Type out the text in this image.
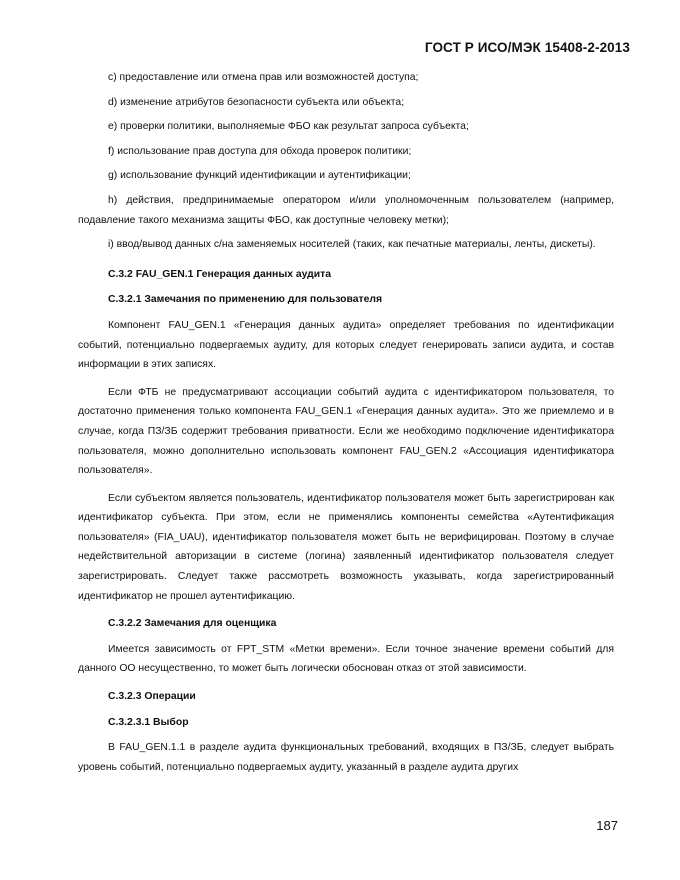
ГОСТ Р ИСО/МЭК 15408-2-2013

c) предоставление или отмена прав или возможностей доступа;

d) изменение атрибутов безопасности субъекта или объекта;

e) проверки политики, выполняемые ФБО как результат запроса субъекта;

f) использование прав доступа для обхода проверок политики;

g) использование функций идентификации и аутентификации;

h) действия, предпринимаемые оператором и/или уполномоченным пользователем (например, подавление такого механизма защиты ФБО, как доступные человеку метки);

i) ввод/вывод данных с/на заменяемых носителей (таких, как печатные материалы, ленты, дискеты).

C.3.2 FAU_GEN.1 Генерация данных аудита

C.3.2.1 Замечания по применению для пользователя

Компонент FAU_GEN.1 «Генерация данных аудита» определяет требования по идентификации событий, потенциально подвергаемых аудиту, для которых следует генерировать записи аудита, и состав информации в этих записях.

Если ФТБ не предусматривают ассоциации событий аудита с идентификатором пользователя, то достаточно применения только компонента FAU_GEN.1 «Генерация данных аудита». Это же приемлемо и в случае, когда ПЗ/ЗБ содержит требования приватности. Если же необходимо подключение идентификатора пользователя, можно дополнительно использовать компонент FAU_GEN.2 «Ассоциация идентификатора пользователя».

Если субъектом является пользователь, идентификатор пользователя может быть зарегистрирован как идентификатор субъекта. При этом, если не применялись компоненты семейства «Аутентификация пользователя» (FIA_UAU), идентификатор пользователя может быть не верифицирован. Поэтому в случае недействительной авторизации в системе (логина) заявленный идентификатор пользователя следует зарегистрировать. Следует также рассмотреть возможность указывать, когда зарегистрированный идентификатор не прошел аутентификацию.

C.3.2.2 Замечания для оценщика

Имеется зависимость от FPT_STM «Метки времени». Если точное значение времени событий для данного ОО несущественно, то может быть логически обоснован отказ от этой зависимости.

C.3.2.3 Операции

C.3.2.3.1 Выбор

В FAU_GEN.1.1 в разделе аудита функциональных требований, входящих в ПЗ/ЗБ, следует выбрать уровень событий, потенциально подвергаемых аудиту, указанный в разделе аудита других

187
